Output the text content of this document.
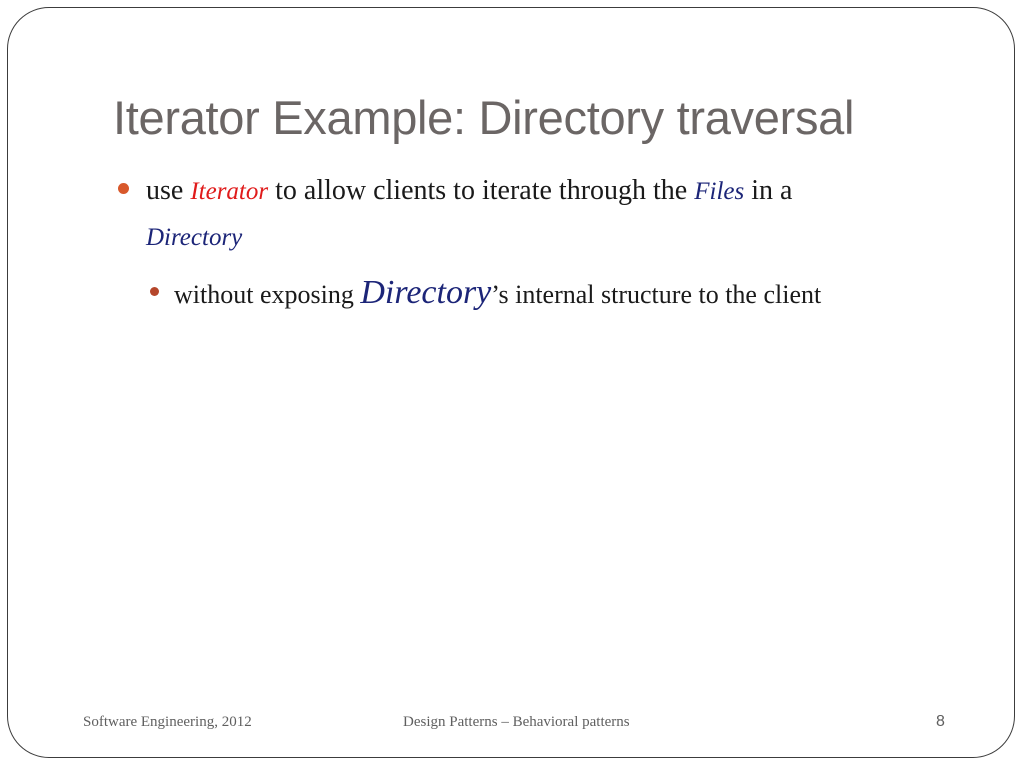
Iterator Example: Directory traversal

use Iterator to allow clients to iterate through the Files in a
Directory

without exposing Directory’s internal structure to the client

Software Engineering, 2012	Design Patterns – Behavioral patterns	8
